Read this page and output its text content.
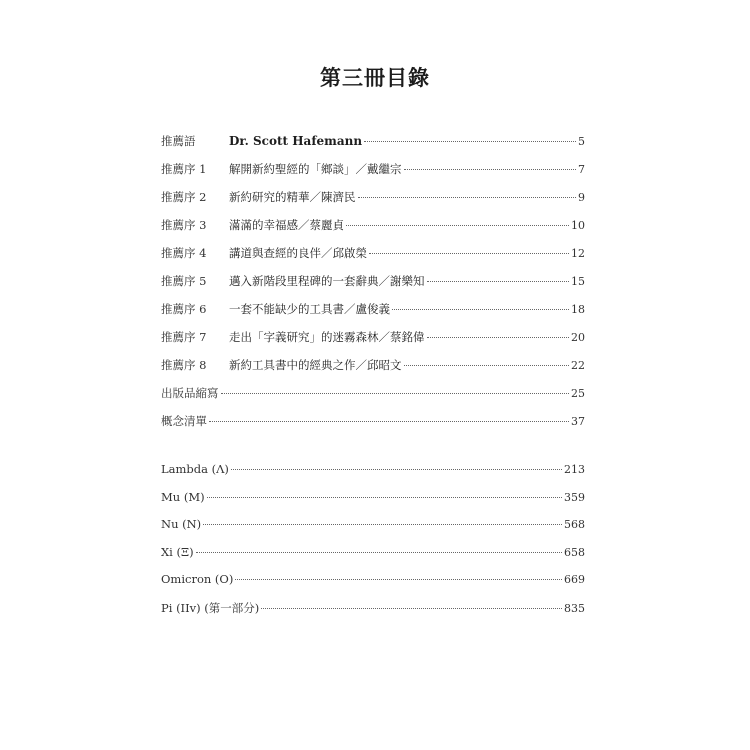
第三冊目錄
推薦語	Dr. Scott Hafemann	5
推薦序 1	解開新約聖經的「鄉談」／戴繼宗	7
推薦序 2	新約研究的精華／陳濟民	9
推薦序 3	滿滿的幸福感／蔡麗貞	10
推薦序 4	講道與查經的良伴／邱啟榮	12
推薦序 5	邁入新階段里程碑的一套辭典／謝樂知	15
推薦序 6	一套不能缺少的工具書／盧俊義	18
推薦序 7	走出「字義研究」的迷霧森林／蔡銘偉	20
推薦序 8	新約工具書中的經典之作／邱昭文	22
出版品縮寫	25
概念清單	37
Lambda (Λ)	213
Mu (M)	359
Nu (N)	568
Xi (Ξ)	658
Omicron (O)	669
Pi (IIv) (第一部分)	835
